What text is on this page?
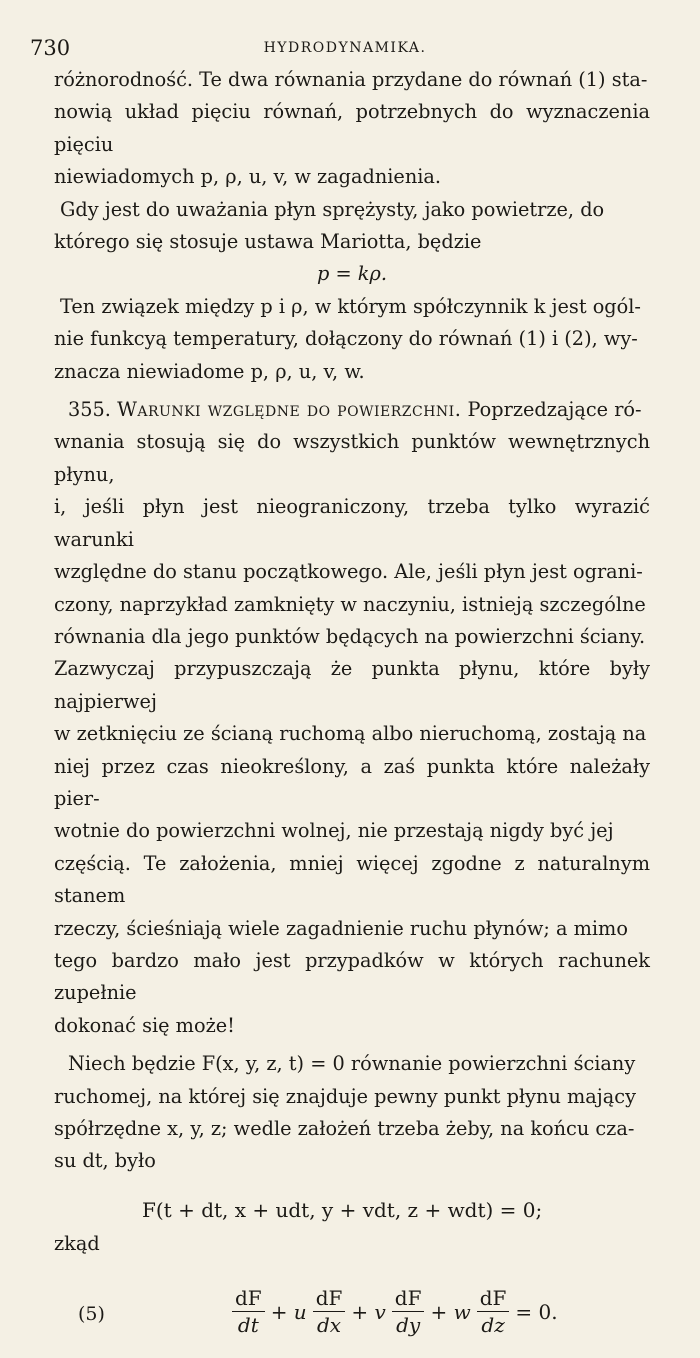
730	HYDRODYNAMIKA.

różnorodność. Te dwa równania przydane do równań (1) sta-

nowią układ pięciu równań, potrzebnych do wyznaczenia pięciu

niewiadomych p, ρ, u, v, w zagadnienia.

Gdy jest do uważania płyn sprężysty, jako powietrze, do

którego się stosuje ustawa Mariotta, będzie

p = kρ.

Ten związek między p i ρ, w którym spółczynnik k jest ogól-

nie funkcyą temperatury, dołączony do równań (1) i (2), wy-

znacza niewiadome p, ρ, u, v, w.

355. Warunki względne do powierzchni. Poprzedzające ró-

wnania stosują się do wszystkich punktów wewnętrznych płynu,

i, jeśli płyn jest nieograniczony, trzeba tylko wyrazić warunki

względne do stanu początkowego. Ale, jeśli płyn jest ograni-

czony, naprzykład zamknięty w naczyniu, istnieją szczególne

równania dla jego punktów będących na powierzchni ściany.

Zazwyczaj przypuszczają że punkta płynu, które były najpierwej

w zetknięciu ze ścianą ruchomą albo nieruchomą, zostają na

niej przez czas nieokreślony, a zaś punkta które należały pier-

wotnie do powierzchni wolnej, nie przestają nigdy być jej

częścią. Te założenia, mniej więcej zgodne z naturalnym stanem

rzeczy, ścieśniają wiele zagadnienie ruchu płynów; a mimo

tego bardzo mało jest przypadków w których rachunek zupełnie

dokonać się może!

Niech będzie F(x, y, z, t) = 0 równanie powierzchni ściany

ruchomej, na której się znajduje pewny punkt płynu mający

spółrzędne x, y, z; wedle założeń trzeba żeby, na końcu cza-

su dt, było

F(t + dt, x + udt, y + vdt, z + wdt) = 0;
zkąd
(5)	$\frac{dF}{dt} + u \frac{dF}{dx} + v \frac{dF}{dy} + w \frac{dF}{dz} = 0$.
